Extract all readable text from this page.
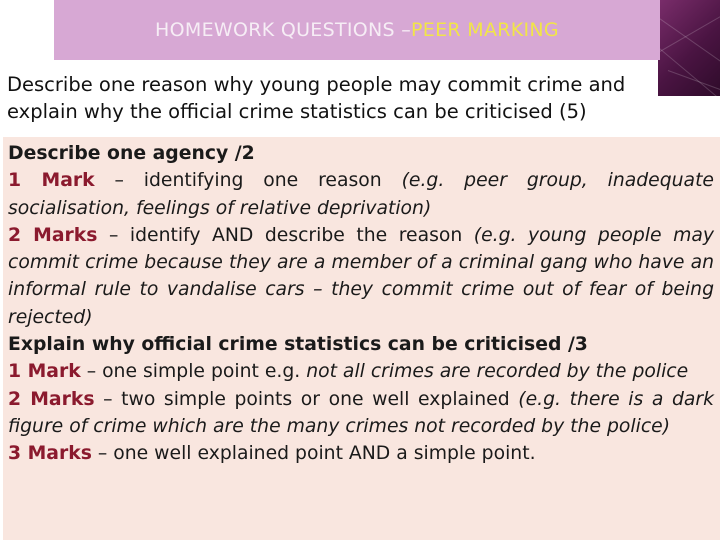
HOMEWORK QUESTIONS – PEER MARKING
Describe one reason why young people may commit crime and
explain why the official crime statistics can be criticised (5)

Describe one agency /2

1 Mark – identifying one reason (e.g. peer group, inadequate socialisation, feelings of relative deprivation)

2 Marks – identify AND describe the reason (e.g. young people may commit crime because they are a member of a criminal gang who have an informal rule to vandalise cars – they commit crime out of fear of being rejected)

Explain why official crime statistics can be criticised /3

1 Mark – one simple point e.g. not all crimes are recorded by the police

2 Marks – two simple points or one well explained (e.g. there is a dark figure of crime which are the many crimes not recorded by the police)

3 Marks – one well explained point AND a simple point.
